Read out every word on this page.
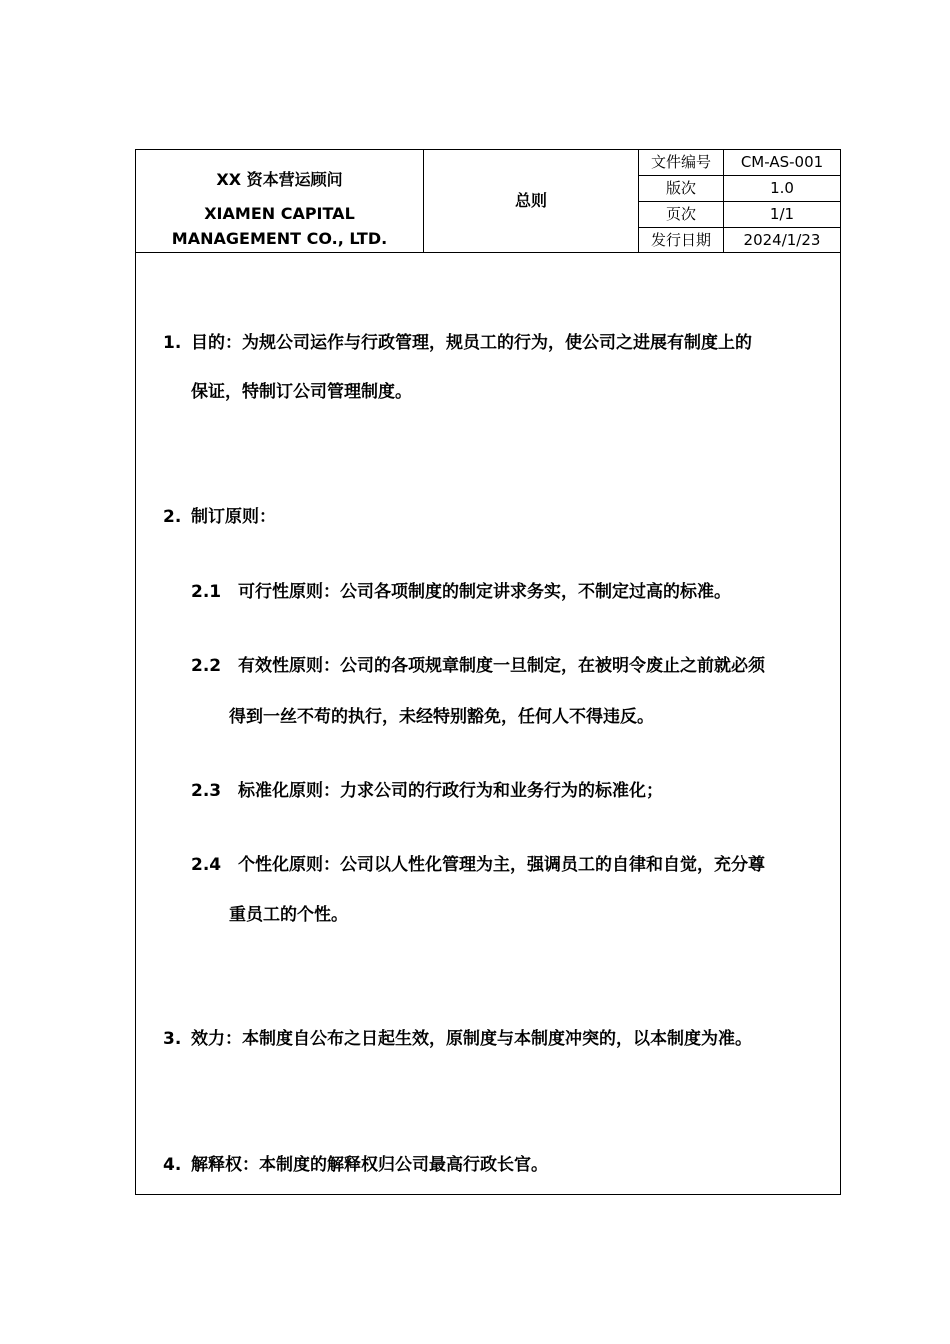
XX 资本营运顾问
XIAMEN CAPITAL
MANAGEMENT CO., LTD.
总则
文件编号	CM-AS-001
版次	1.0
页次	1/1
发行日期	2024/1/23
1. 目的：为规公司运作与行政管理，规员工的行为，使公司之进展有制度上的
保证，特制订公司管理制度。
2. 制订原则：
2.1 可行性原则：公司各项制度的制定讲求务实，不制定过高的标准。
2.2 有效性原则：公司的各项规章制度一旦制定，在被明令废止之前就必须
得到一丝不苟的执行，未经特别豁免，任何人不得违反。
2.3 标准化原则：力求公司的行政行为和业务行为的标准化；
2.4 个性化原则：公司以人性化管理为主，强调员工的自律和自觉，充分尊
重员工的个性。
3. 效力：本制度自公布之日起生效，原制度与本制度冲突的，以本制度为准。
4. 解释权：本制度的解释权归公司最高行政长官。
